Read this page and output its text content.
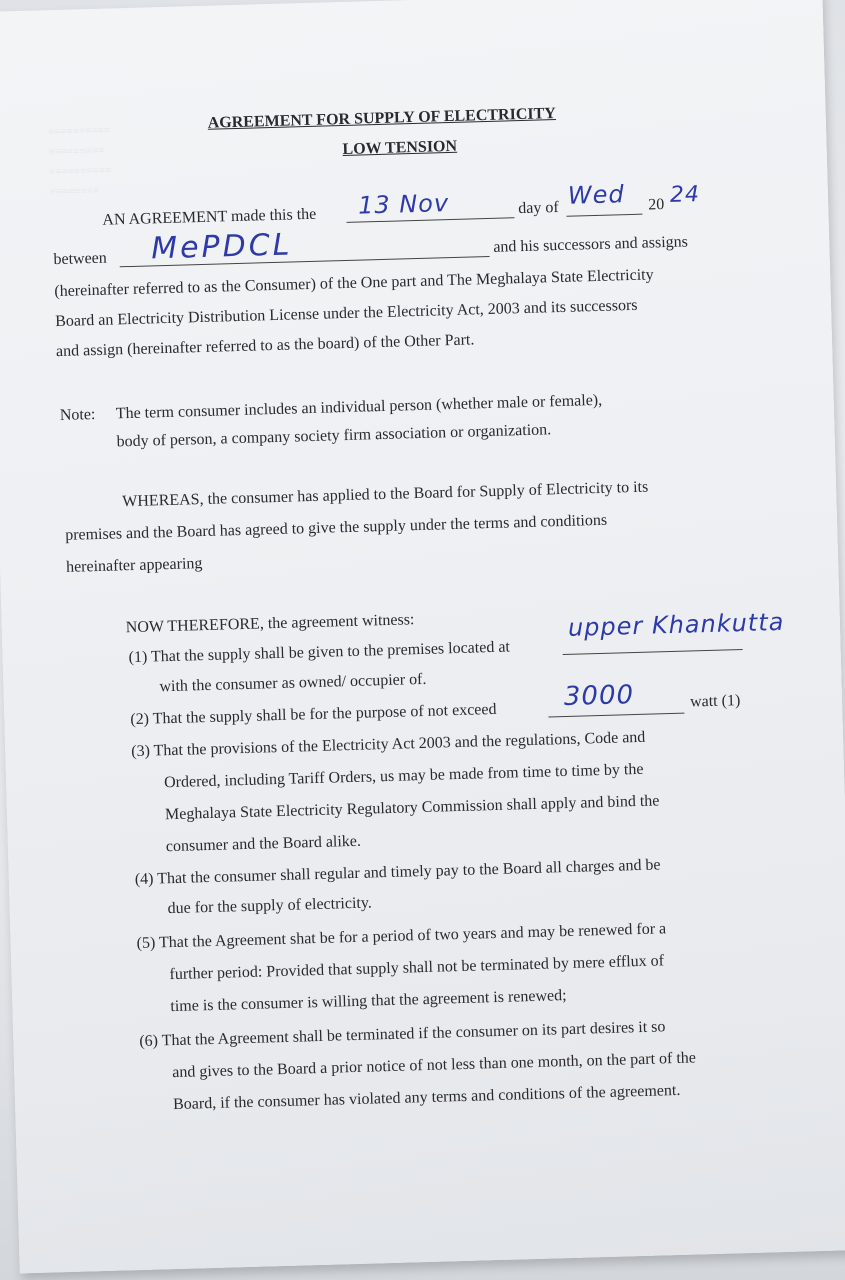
≡≡≡≡≡≡≡≡≡≡
≡≡≡≡≡≡≡≡≡
≡≡≡≡≡≡≡≡≡≡
≡≡≡≡≡≡≡≡
AGREEMENT FOR SUPPLY OF ELECTRICITY
LOW TENSION
AN AGREEMENT made this the 13 Nov	day of Wed 20 24
between MePDCL	and his successors and assigns
(hereinafter referred to as the Consumer) of the One part and The Meghalaya State Electricity
Board an Electricity Distribution License under the Electricity Act, 2003 and its successors
and assign (hereinafter referred to as the board) of the Other Part.
Note: The term consumer includes an individual person (whether male or female),
body of person, a company society firm association or organization.
WHEREAS, the consumer has applied to the Board for Supply of Electricity to its
premises and the Board has agreed to give the supply under the terms and conditions
hereinafter appearing
NOW THEREFORE, the agreement witness:
(1) That the supply shall be given to the premises located at
upper Khankutta
with the consumer as owned/ occupier of.
(2) That the supply shall be for the purpose of not exceed
3000	watt (1)
(3) That the provisions of the Electricity Act 2003 and the regulations, Code and
Ordered, including Tariff Orders, us may be made from time to time by the
Meghalaya State Electricity Regulatory Commission shall apply and bind the
consumer and the Board alike.
(4) That the consumer shall regular and timely pay to the Board all charges and be
due for the supply of electricity.
(5) That the Agreement shat be for a period of two years and may be renewed for a
further period: Provided that supply shall not be terminated by mere efflux of
time is the consumer is willing that the agreement is renewed;
(6) That the Agreement shall be terminated if the consumer on its part desires it so
and gives to the Board a prior notice of not less than one month, on the part of the
Board, if the consumer has violated any terms and conditions of the agreement.
